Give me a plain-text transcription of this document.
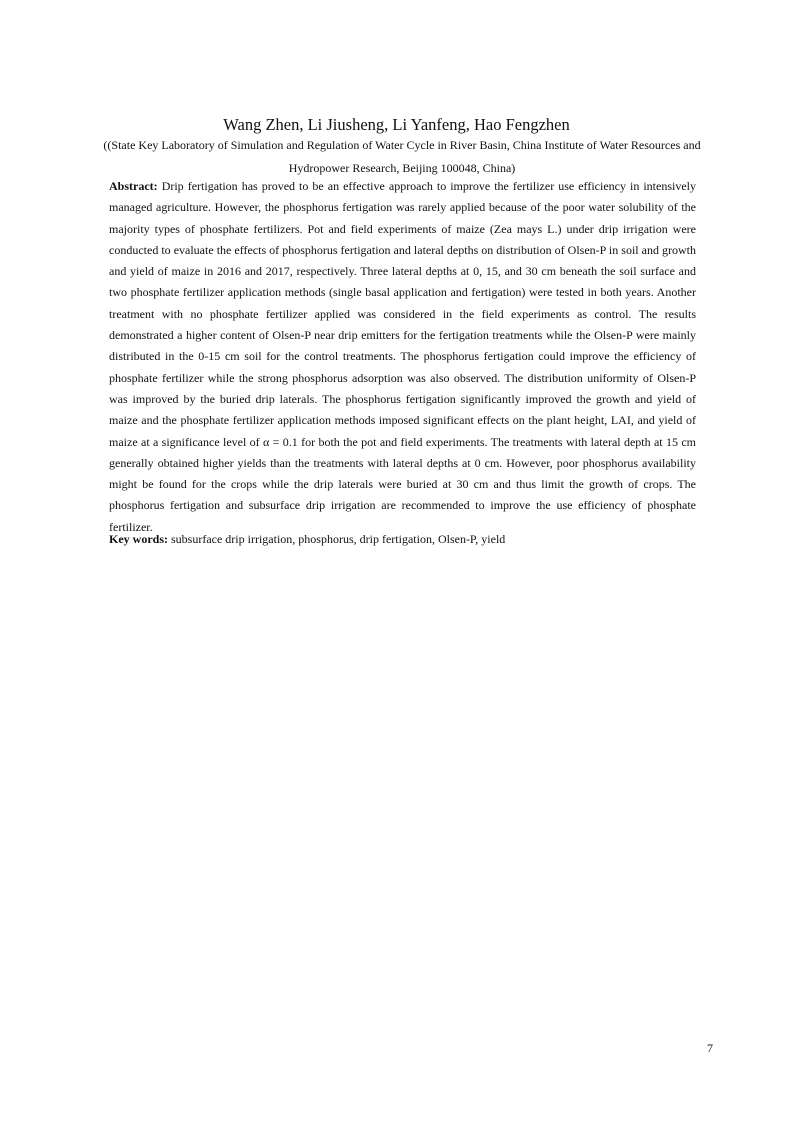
Wang Zhen, Li Jiusheng, Li Yanfeng, Hao Fengzhen
((State Key Laboratory of Simulation and Regulation of Water Cycle in River Basin, China Institute of Water Resources and Hydropower Research, Beijing 100048, China)
Abstract: Drip fertigation has proved to be an effective approach to improve the fertilizer use efficiency in intensively managed agriculture. However, the phosphorus fertigation was rarely applied because of the poor water solubility of the majority types of phosphate fertilizers. Pot and field experiments of maize (Zea mays L.) under drip irrigation were conducted to evaluate the effects of phosphorus fertigation and lateral depths on distribution of Olsen-P in soil and growth and yield of maize in 2016 and 2017, respectively. Three lateral depths at 0, 15, and 30 cm beneath the soil surface and two phosphate fertilizer application methods (single basal application and fertigation) were tested in both years. Another treatment with no phosphate fertilizer applied was considered in the field experiments as control. The results demonstrated a higher content of Olsen-P near drip emitters for the fertigation treatments while the Olsen-P were mainly distributed in the 0-15 cm soil for the control treatments. The phosphorus fertigation could improve the efficiency of phosphate fertilizer while the strong phosphorus adsorption was also observed. The distribution uniformity of Olsen-P was improved by the buried drip laterals. The phosphorus fertigation significantly improved the growth and yield of maize and the phosphate fertilizer application methods imposed significant effects on the plant height, LAI, and yield of maize at a significance level of α = 0.1 for both the pot and field experiments. The treatments with lateral depth at 15 cm generally obtained higher yields than the treatments with lateral depths at 0 cm. However, poor phosphorus availability might be found for the crops while the drip laterals were buried at 30 cm and thus limit the growth of crops. The phosphorus fertigation and subsurface drip irrigation are recommended to improve the use efficiency of phosphate fertilizer.
Key words: subsurface drip irrigation, phosphorus, drip fertigation, Olsen-P, yield
7
